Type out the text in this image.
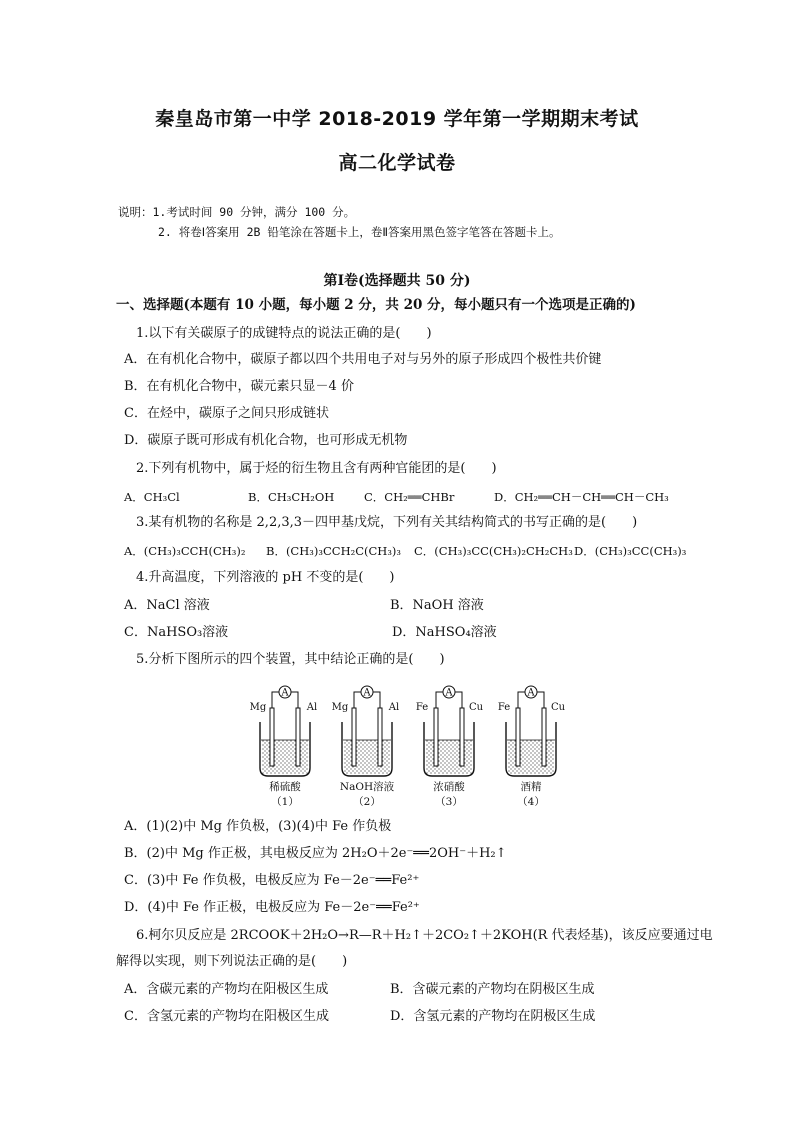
秦皇岛市第一中学 2018-2019 学年第一学期期末考试
高二化学试卷
说明：1.考试时间 90 分钟，满分 100 分。
2. 将卷Ⅰ答案用 2B 铅笔涂在答题卡上，卷Ⅱ答案用黑色签字笔答在答题卡上。
第Ⅰ卷(选择题共 50 分)
一、选择题(本题有 10 小题，每小题 2 分，共 20 分，每小题只有一个选项是正确的)
1.以下有关碳原子的成键特点的说法正确的是(　　)
A．在有机化合物中，碳原子都以四个共用电子对与另外的原子形成四个极性共价键
B．在有机化合物中，碳元素只显－4 价
C．在烃中，碳原子之间只形成链状
D．碳原子既可形成有机化合物，也可形成无机物
2.下列有机物中，属于烃的衍生物且含有两种官能团的是(　　)
A．CH₃Cl	B．CH₃CH₂OH	C．CH₂══CHBr	D．CH₂══CH－CH══CH－CH₃
3.某有机物的名称是 2,2,3,3－四甲基戊烷，下列有关其结构简式的书写正确的是(　　)
A．(CH₃)₃CCH(CH₃)₂ B．(CH₃)₃CCH₂C(CH₃)₃ C．(CH₃)₃CC(CH₃)₂CH₂CH₃ D．(CH₃)₃CC(CH₃)₃
4.升高温度，下列溶液的 pH 不变的是(　　)
A．NaCl 溶液	B．NaOH 溶液
C．NaHSO₃溶液	D．NaHSO₄溶液
5.分析下图所示的四个装置，其中结论正确的是(　　)
A
Mg	Al
稀硫酸
（1）
A
Mg	Al
NaOH溶液
（2）
A
Fe	Cu
浓硝酸
（3）
A
Fe	Cu
酒精
（4）
A．(1)(2)中 Mg 作负极，(3)(4)中 Fe 作负极
B．(2)中 Mg 作正极，其电极反应为 2H₂O＋2e⁻══2OH⁻＋H₂↑
C．(3)中 Fe 作负极，电极反应为 Fe－2e⁻══Fe²⁺
D．(4)中 Fe 作正极，电极反应为 Fe－2e⁻══Fe²⁺
6.柯尔贝反应是 2RCOOK＋2H₂O→R—R＋H₂↑＋2CO₂↑＋2KOH(R 代表烃基)，该反应要通过电
解得以实现，则下列说法正确的是(　　)
A．含碳元素的产物均在阳极区生成	B．含碳元素的产物均在阴极区生成
C．含氢元素的产物均在阳极区生成	D．含氢元素的产物均在阴极区生成
